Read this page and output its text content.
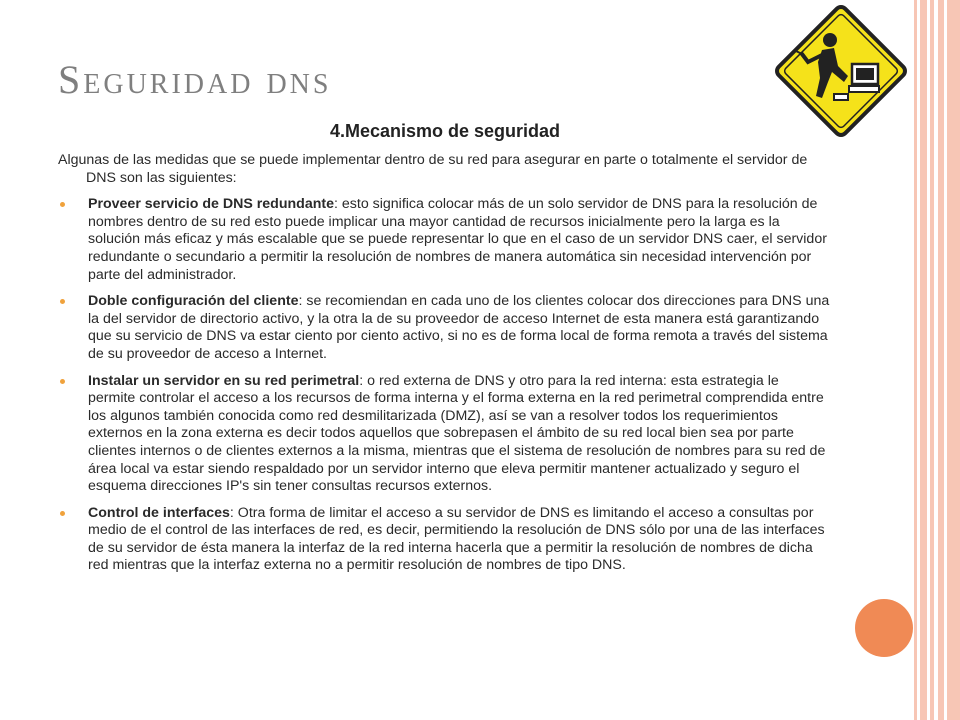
Seguridad dns
4.Mecanismo de seguridad

Algunas de las medidas que se puede implementar dentro de su red para asegurar en parte o totalmente el servidor de DNS son las siguientes:

Proveer servicio de DNS redundante: esto significa colocar más de un solo servidor de DNS para la resolución de nombres dentro de su red esto puede implicar una mayor cantidad de recursos inicialmente pero la larga es la solución más eficaz y más escalable que se puede representar lo que en el caso de un servidor DNS caer, el servidor redundante o secundario a permitir la resolución de nombres de manera automática sin necesidad intervención por parte del administrador.
Doble configuración del cliente: se recomiendan en cada uno de los clientes colocar dos direcciones para DNS una la del servidor de directorio activo, y la otra la de su proveedor de acceso Internet de esta manera está garantizando que su servicio de DNS va estar ciento por ciento activo, si no es de forma local de forma remota a través del sistema de su proveedor de acceso a Internet.
Instalar un servidor en su red perimetral: o red externa de DNS y otro para la red interna: esta estrategia le permite controlar el acceso a los recursos de forma interna y el forma externa en la red perimetral comprendida entre los algunos también conocida como red desmilitarizada (DMZ), así se van a resolver todos los requerimientos externos en la zona externa es decir todos aquellos que sobrepasen el ámbito de su red local bien sea por parte clientes internos o de clientes externos a la misma, mientras que el sistema de resolución de nombres para su red de área local va estar siendo respaldado por un servidor interno que eleva permitir mantener actualizado y seguro el esquema direcciones IP's sin tener consultas recursos externos.
Control de interfaces: Otra forma de limitar el acceso a su servidor de DNS es limitando el acceso a consultas por medio de el control de las interfaces de red, es decir, permitiendo la resolución de DNS sólo por una de las interfaces de su servidor de ésta manera la interfaz de la red interna hacerla que a permitir la resolución de nombres de dicha red mientras que la interfaz externa no a permitir resolución de nombres de tipo DNS.
